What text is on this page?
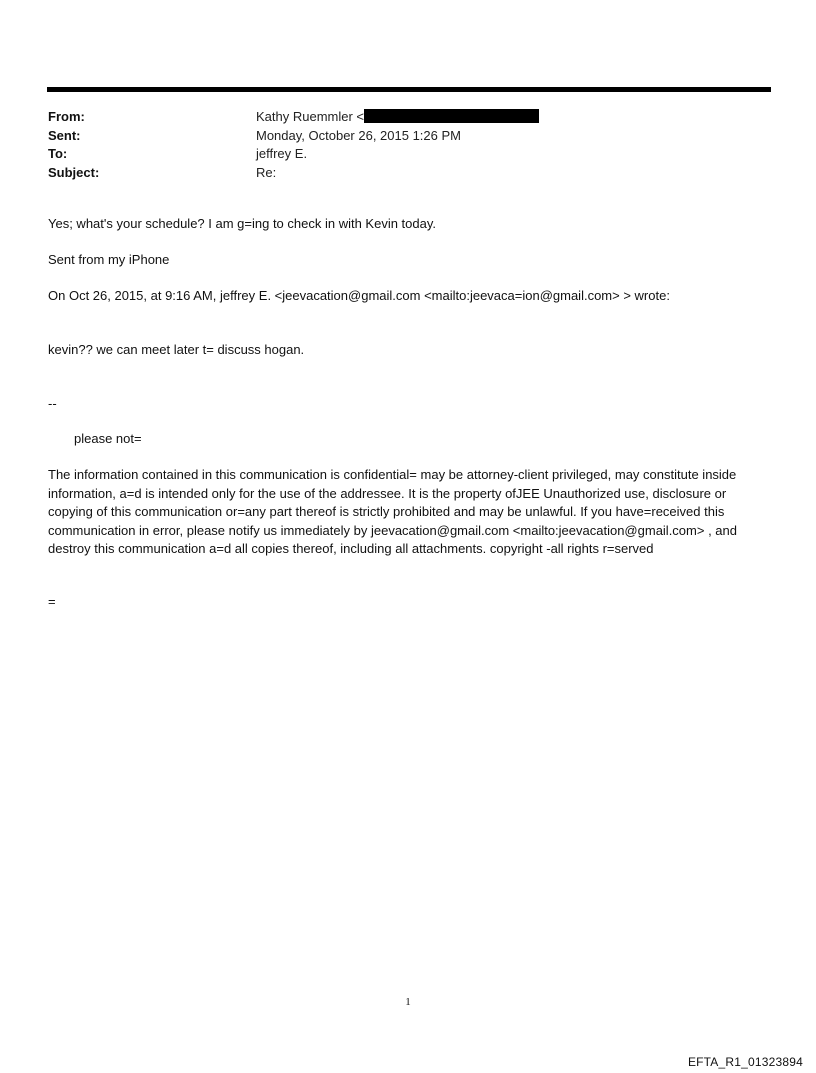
From:	Kathy Ruemmler <
Sent:	Monday, October 26, 2015 1:26 PM
To:	jeffrey E.
Subject:	Re:
Yes; what's your schedule? I am g=ing to check in with Kevin today.
Sent from my iPhone
On Oct 26, 2015, at 9:16 AM, jeffrey E. <jeevacation@gmail.com <mailto:jeevaca=ion@gmail.com> > wrote:
kevin?? we can meet later t= discuss hogan.
--
please not=
The information contained in this communication is confidential= may be attorney-client privileged, may constitute inside information, a=d is intended only for the use of the addressee. It is the property ofJEE Unauthorized use, disclosure or copying of this communication or=any part thereof is strictly prohibited and may be unlawful. If you have=received this communication in error, please notify us immediately by jeevacation@gmail.com <mailto:jeevacation@gmail.com> , and destroy this communication a=d all copies thereof, including all attachments. copyright -all rights r=served
=
1
EFTA_R1_01323894
